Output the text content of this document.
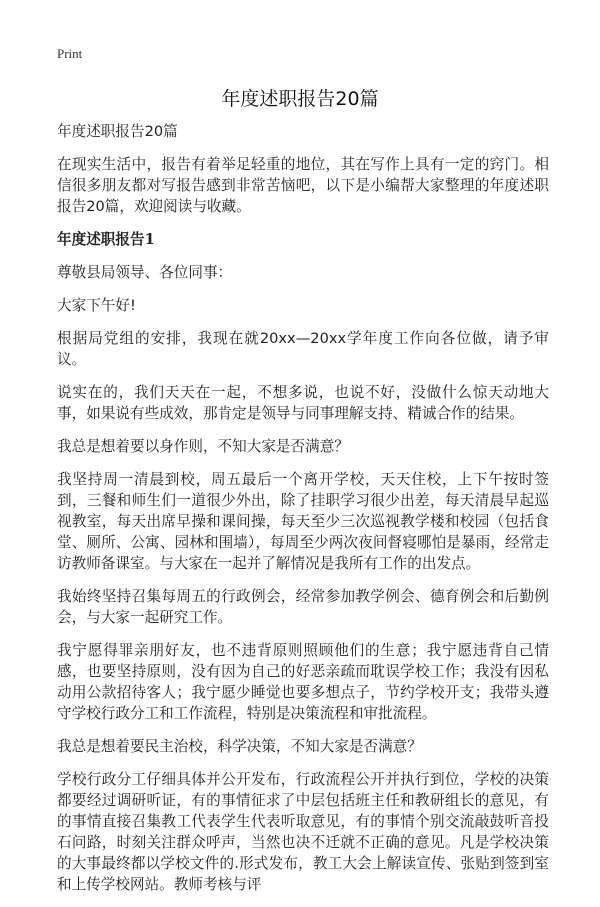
Print
年度述职报告20篇

年度述职报告20篇

在现实生活中，报告有着举足轻重的地位，其在写作上具有一定的窍门。相信很多朋友都对写报告感到非常苦恼吧，以下是小编帮大家整理的年度述职报告20篇，欢迎阅读与收藏。

年度述职报告1

尊敬县局领导、各位同事：

大家下午好!

根据局党组的安排，我现在就20xx—20xx学年度工作向各位做，请予审议。

说实在的，我们天天在一起，不想多说，也说不好，没做什么惊天动地大事，如果说有些成效，那肯定是领导与同事理解支持、精诚合作的结果。

我总是想着要以身作则，不知大家是否满意？

我坚持周一清晨到校，周五最后一个离开学校，天天住校，上下午按时签到，三餐和师生们一道很少外出，除了挂职学习很少出差，每天清晨早起巡视教室，每天出席早操和课间操，每天至少三次巡视教学楼和校园（包括食堂、厕所、公寓、园林和围墙），每周至少两次夜间督寝哪怕是暴雨，经常走访教师备课室。与大家在一起并了解情况是我所有工作的出发点。

我始终坚持召集每周五的行政例会，经常参加教学例会、德育例会和后勤例会，与大家一起研究工作。

我宁愿得罪亲朋好友，也不违背原则照顾他们的生意；我宁愿违背自己情感，也要坚持原则，没有因为自己的好恶亲疏而耽误学校工作；我没有因私动用公款招待客人；我宁愿少睡觉也要多想点子，节约学校开支；我带头遵守学校行政分工和工作流程，特别是决策流程和审批流程。

我总是想着要民主治校，科学决策，不知大家是否满意？

学校行政分工仔细具体并公开发布，行政流程公开并执行到位，学校的决策都要经过调研听证，有的事情征求了中层包括班主任和教研组长的意见，有的事情直接召集教工代表学生代表听取意见，有的事情个别交流敲鼓听音投石问路，时刻关注群众呼声，当然也决不迁就不正确的意见。凡是学校决策的大事最终都以学校文件的.形式发布，教工大会上解读宣传、张贴到签到室和上传学校网站。教师考核与评
